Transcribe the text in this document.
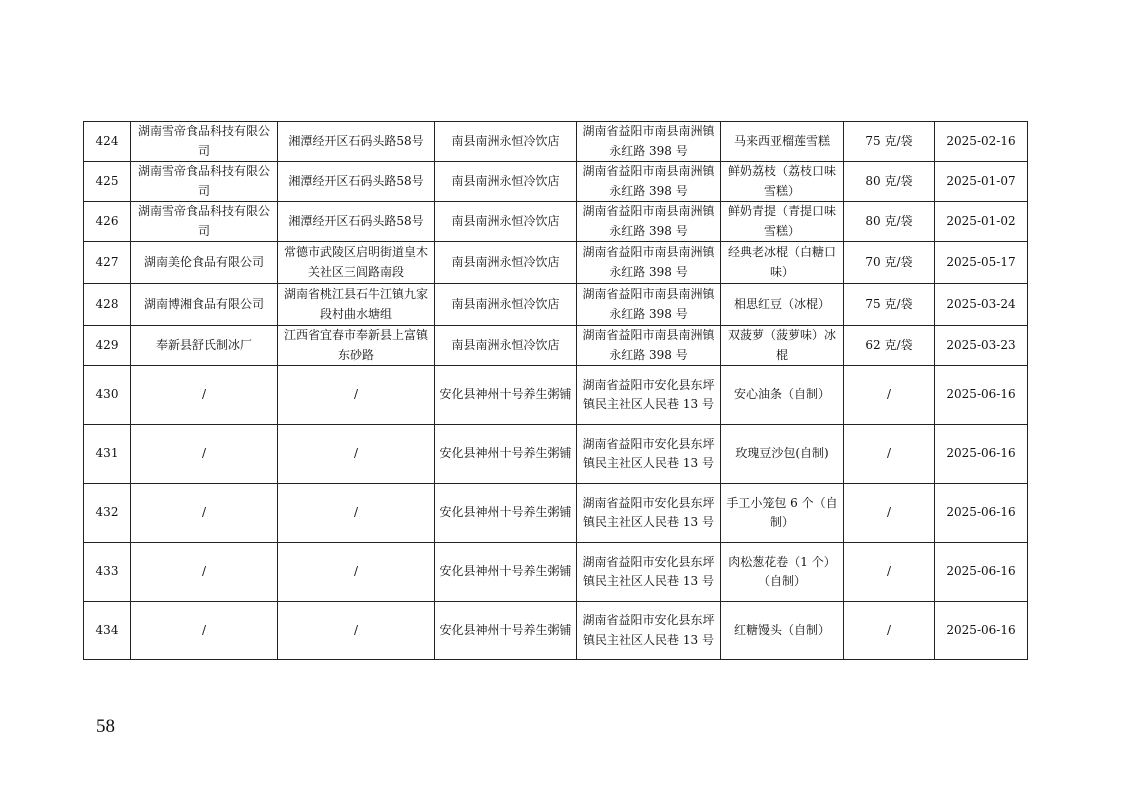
424	湖南雪帝食品科技有限公司	湘潭经开区石码头路58号	南县南洲永恒冷饮店	湖南省益阳市南县南洲镇永红路 398 号	马来西亚榴莲雪糕	75 克/袋	2025-02-16
425	湖南雪帝食品科技有限公司	湘潭经开区石码头路58号	南县南洲永恒冷饮店	湖南省益阳市南县南洲镇永红路 398 号	鲜奶荔枝（荔枝口味雪糕）	80 克/袋	2025-01-07
426	湖南雪帝食品科技有限公司	湘潭经开区石码头路58号	南县南洲永恒冷饮店	湖南省益阳市南县南洲镇永红路 398 号	鲜奶青提（青提口味雪糕）	80 克/袋	2025-01-02
427	湖南美伦食品有限公司	常德市武陵区启明街道皇木关社区三闾路南段	南县南洲永恒冷饮店	湖南省益阳市南县南洲镇永红路 398 号	经典老冰棍（白糖口味）	70 克/袋	2025-05-17
428	湖南博湘食品有限公司	湖南省桃江县石牛江镇九家段村曲水塘组	南县南洲永恒冷饮店	湖南省益阳市南县南洲镇永红路 398 号	相思红豆（冰棍）	75 克/袋	2025-03-24
429	奉新县舒氏制冰厂	江西省宜春市奉新县上富镇东砂路	南县南洲永恒冷饮店	湖南省益阳市南县南洲镇永红路 398 号	双菠萝（菠萝味）冰棍	62 克/袋	2025-03-23
430	/	/	安化县神州十号养生粥铺	湖南省益阳市安化县东坪镇民主社区人民巷 13 号	安心油条（自制）	/	2025-06-16
431	/	/	安化县神州十号养生粥铺	湖南省益阳市安化县东坪镇民主社区人民巷 13 号	玫瑰豆沙包(自制)	/	2025-06-16
432	/	/	安化县神州十号养生粥铺	湖南省益阳市安化县东坪镇民主社区人民巷 13 号	手工小笼包 6 个（自制）	/	2025-06-16
433	/	/	安化县神州十号养生粥铺	湖南省益阳市安化县东坪镇民主社区人民巷 13 号	肉松葱花卷（1 个）（自制）	/	2025-06-16
434	/	/	安化县神州十号养生粥铺	湖南省益阳市安化县东坪镇民主社区人民巷 13 号	红糖馒头（自制）	/	2025-06-16
58
